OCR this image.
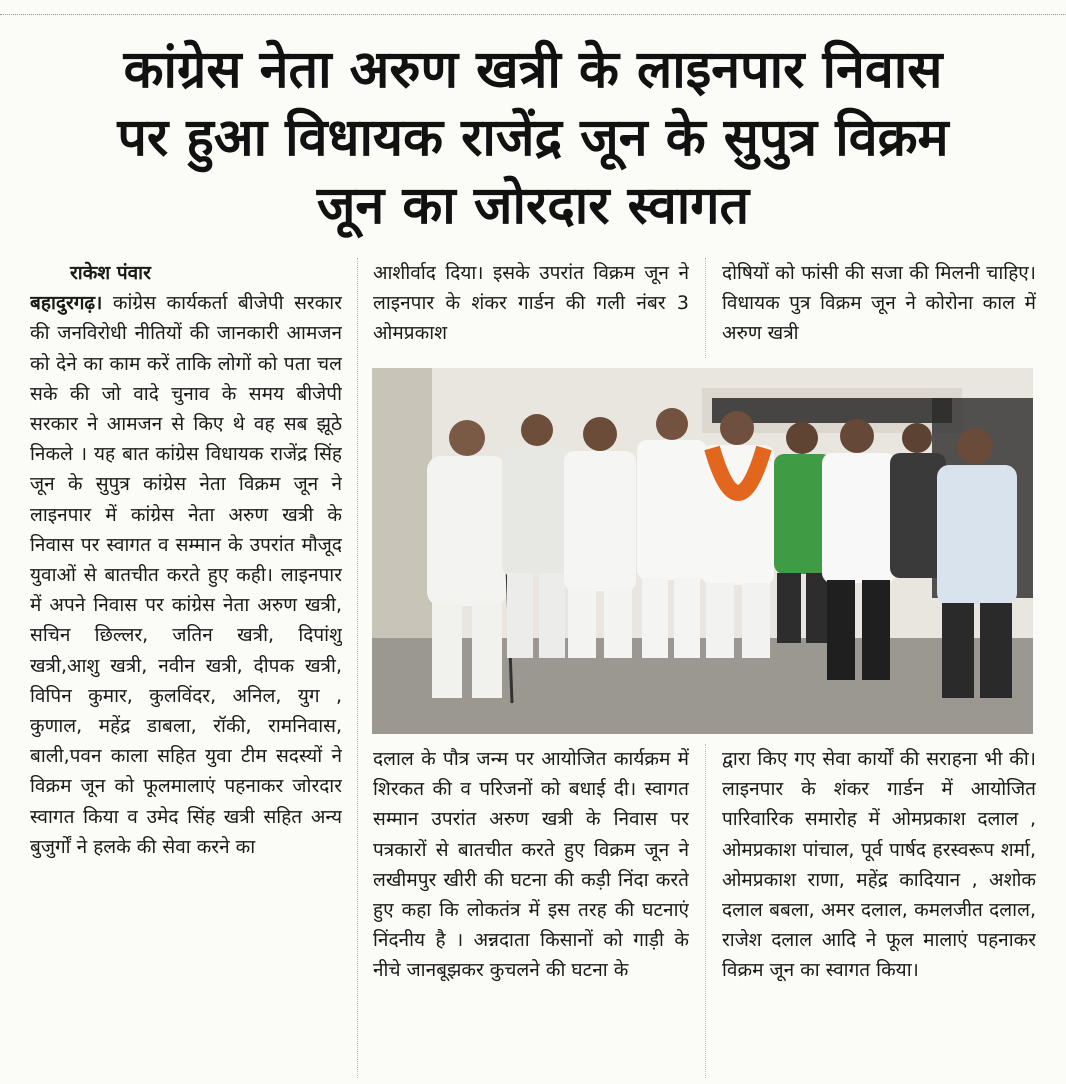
कांग्रेस नेता अरुण खत्री के लाइनपार निवास
पर हुआ विधायक राजेंद्र जून के सुपुत्र विक्रम
जून का जोरदार स्वागत

राकेश पंवार

बहादुरगढ़। कांग्रेस कार्यकर्ता बीजेपी सरकार की जनविरोधी नीतियों की जानकारी आमजन को देने का काम करें ताकि लोगों को पता चल सके की जो वादे चुनाव के समय बीजेपी सरकार ने आमजन से किए थे वह सब झूठे निकले । यह बात कांग्रेस विधायक राजेंद्र सिंह जून के सुपुत्र कांग्रेस नेता विक्रम जून ने लाइनपार में कांग्रेस नेता अरुण खत्री के निवास पर स्वागत व सम्मान के उपरांत मौजूद युवाओं से बातचीत करते हुए कही। लाइनपार में अपने निवास पर कांग्रेस नेता अरुण खत्री, सचिन छिल्लर, जतिन खत्री, दिपांशु खत्री,आशु खत्री, नवीन खत्री, दीपक खत्री, विपिन कुमार, कुलविंदर, अनिल, युग , कुणाल, महेंद्र डाबला, रॉकी, रामनिवास, बाली,पवन काला सहित युवा टीम सदस्यों ने विक्रम जून को फूलमालाएं पहनाकर जोरदार स्वागत किया व उमेद सिंह खत्री सहित अन्य बुजुर्गों ने हलके की सेवा करने का

आशीर्वाद दिया। इसके उपरांत विक्रम जून ने लाइनपार के शंकर गार्डन की गली नंबर 3 ओमप्रकाश

दोषियों को फांसी की सजा की मिलनी चाहिए। विधायक पुत्र विक्रम जून ने कोरोना काल में अरुण खत्री

दलाल के पौत्र जन्म पर आयोजित कार्यक्रम में शिरकत की व परिजनों को बधाई दी। स्वागत सम्मान उपरांत अरुण खत्री के निवास पर पत्रकारों से बातचीत करते हुए विक्रम जून ने लखीमपुर खीरी की घटना की कड़ी निंदा करते हुए कहा कि लोकतंत्र में इस तरह की घटनाएं निंदनीय है । अन्नदाता किसानों को गाड़ी के नीचे जानबूझकर कुचलने की घटना के

द्वारा किए गए सेवा कार्यों की सराहना भी की। लाइनपार के शंकर गार्डन में आयोजित पारिवारिक समारोह में ओमप्रकाश दलाल , ओमप्रकाश पांचाल, पूर्व पार्षद हरस्वरूप शर्मा, ओमप्रकाश राणा, महेंद्र कादियान , अशोक दलाल बबला, अमर दलाल, कमलजीत दलाल, राजेश दलाल आदि ने फूल मालाएं पहनाकर विक्रम जून का स्वागत किया।
